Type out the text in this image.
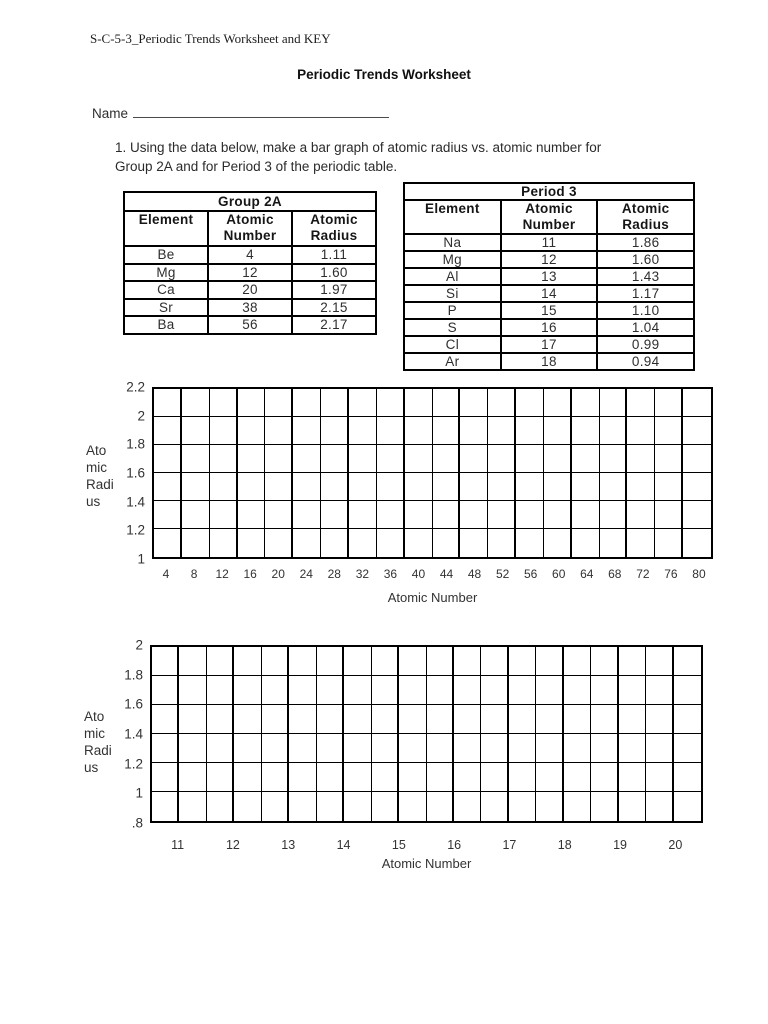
S-C-5-3_Periodic Trends Worksheet and KEY
Periodic Trends Worksheet
Name
1. Using the data below, make a bar graph of atomic radius vs. atomic number for
Group 2A and for Period 3 of the periodic table.
Group 2A		
Element	Atomic Number	Atomic Radius
Be	4	1.11
Mg	12	1.60
Ca	20	1.97
Sr	38	2.15
Ba	56	2.17
Period 3		
Element	Atomic Number	Atomic Radius
Na	11	1.86
Mg	12	1.60
Al	13	1.43
Si	14	1.17
P	15	1.10
S	16	1.04
Cl	17	0.99
Ar	18	0.94
Ato
mic
Radi
us
2.2
2
1.8
1.6
1.4
1.2
1
4 8 12 16 20 24 28 32 36 40 44 48 52 56 60 64 68 72 76 80
Atomic Number
Ato
mic
Radi
us
2
1.8
1.6
1.4
1.2
1
.8
11	12	13	14	15	16	17	18	19	20
Atomic Number
